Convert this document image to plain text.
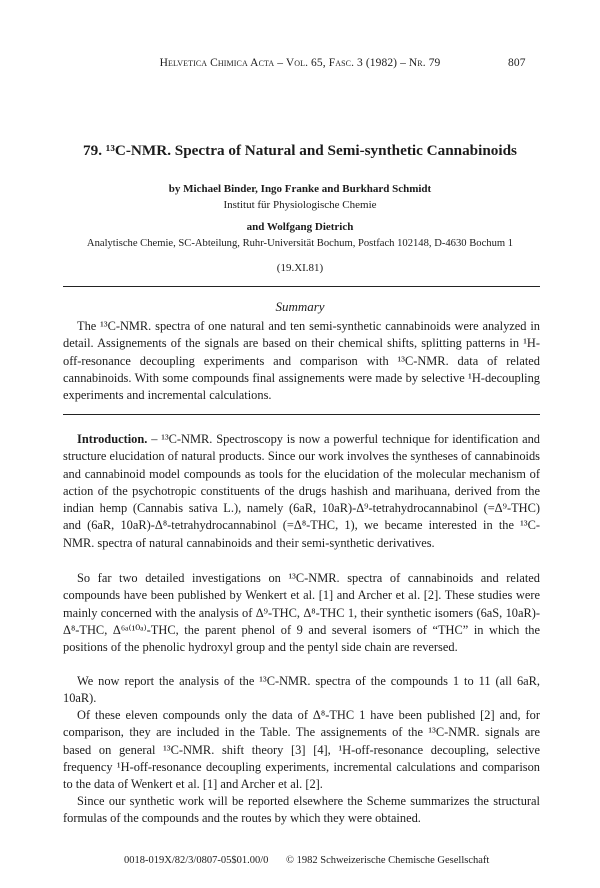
Helvetica Chimica Acta – Vol. 65, Fasc. 3 (1982) – Nr. 79	807
79. ¹³C-NMR. Spectra of Natural and Semi-synthetic Cannabinoids
by Michael Binder, Ingo Franke and Burkhard Schmidt
Institut für Physiologische Chemie
and Wolfgang Dietrich
Analytische Chemie, SC-Abteilung, Ruhr-Universität Bochum, Postfach 102148, D-4630 Bochum 1
(19.XI.81)
Summary

The ¹³C-NMR. spectra of one natural and ten semi-synthetic cannabinoids were analyzed in detail. Assignements of the signals are based on their chemical shifts, splitting patterns in ¹H-off-resonance decoupling experiments and comparison with ¹³C-NMR. data of related cannabinoids. With some compounds final assignements were made by selective ¹H-decoupling experiments and incremental calculations.

Introduction. – ¹³C-NMR. Spectroscopy is now a powerful technique for identification and structure elucidation of natural products. Since our work involves the syntheses of cannabinoids and cannabinoid model compounds as tools for the elucidation of the molecular mechanism of action of the psychotropic constituents of the drugs hashish and marihuana, derived from the indian hemp (Cannabis sativa L.), namely (6aR, 10aR)-Δ⁹-tetrahydrocannabinol (=Δ⁹-THC) and (6aR, 10aR)-Δ⁸-tetrahydrocannabinol (=Δ⁸-THC, 1), we became interested in the ¹³C-NMR. spectra of natural cannabinoids and their semi-synthetic derivatives.

So far two detailed investigations on ¹³C-NMR. spectra of cannabinoids and related compounds have been published by Wenkert et al. [1] and Archer et al. [2]. These studies were mainly concerned with the analysis of Δ⁹-THC, Δ⁸-THC 1, their synthetic isomers (6aS, 10aR)-Δ⁸-THC, Δ⁶ᵃ⁽¹⁰ᵃ⁾-THC, the parent phenol of 9 and several isomers of “THC” in which the positions of the phenolic hydroxyl group and the pentyl side chain are reversed.

We now report the analysis of the ¹³C-NMR. spectra of the compounds 1 to 11 (all 6aR, 10aR).

Of these eleven compounds only the data of Δ⁸-THC 1 have been published [2] and, for comparison, they are included in the Table. The assignements of the ¹³C-NMR. signals are based on general ¹³C-NMR. shift theory [3] [4], ¹H-off-resonance decoupling, selective frequency ¹H-off-resonance decoupling experiments, incremental calculations and comparison to the data of Wenkert et al. [1] and Archer et al. [2].

Since our synthetic work will be reported elsewhere the Scheme summarizes the structural formulas of the compounds and the routes by which they were obtained.

0018-019X/82/3/0807-05$01.00/0 © 1982 Schweizerische Chemische Gesellschaft
